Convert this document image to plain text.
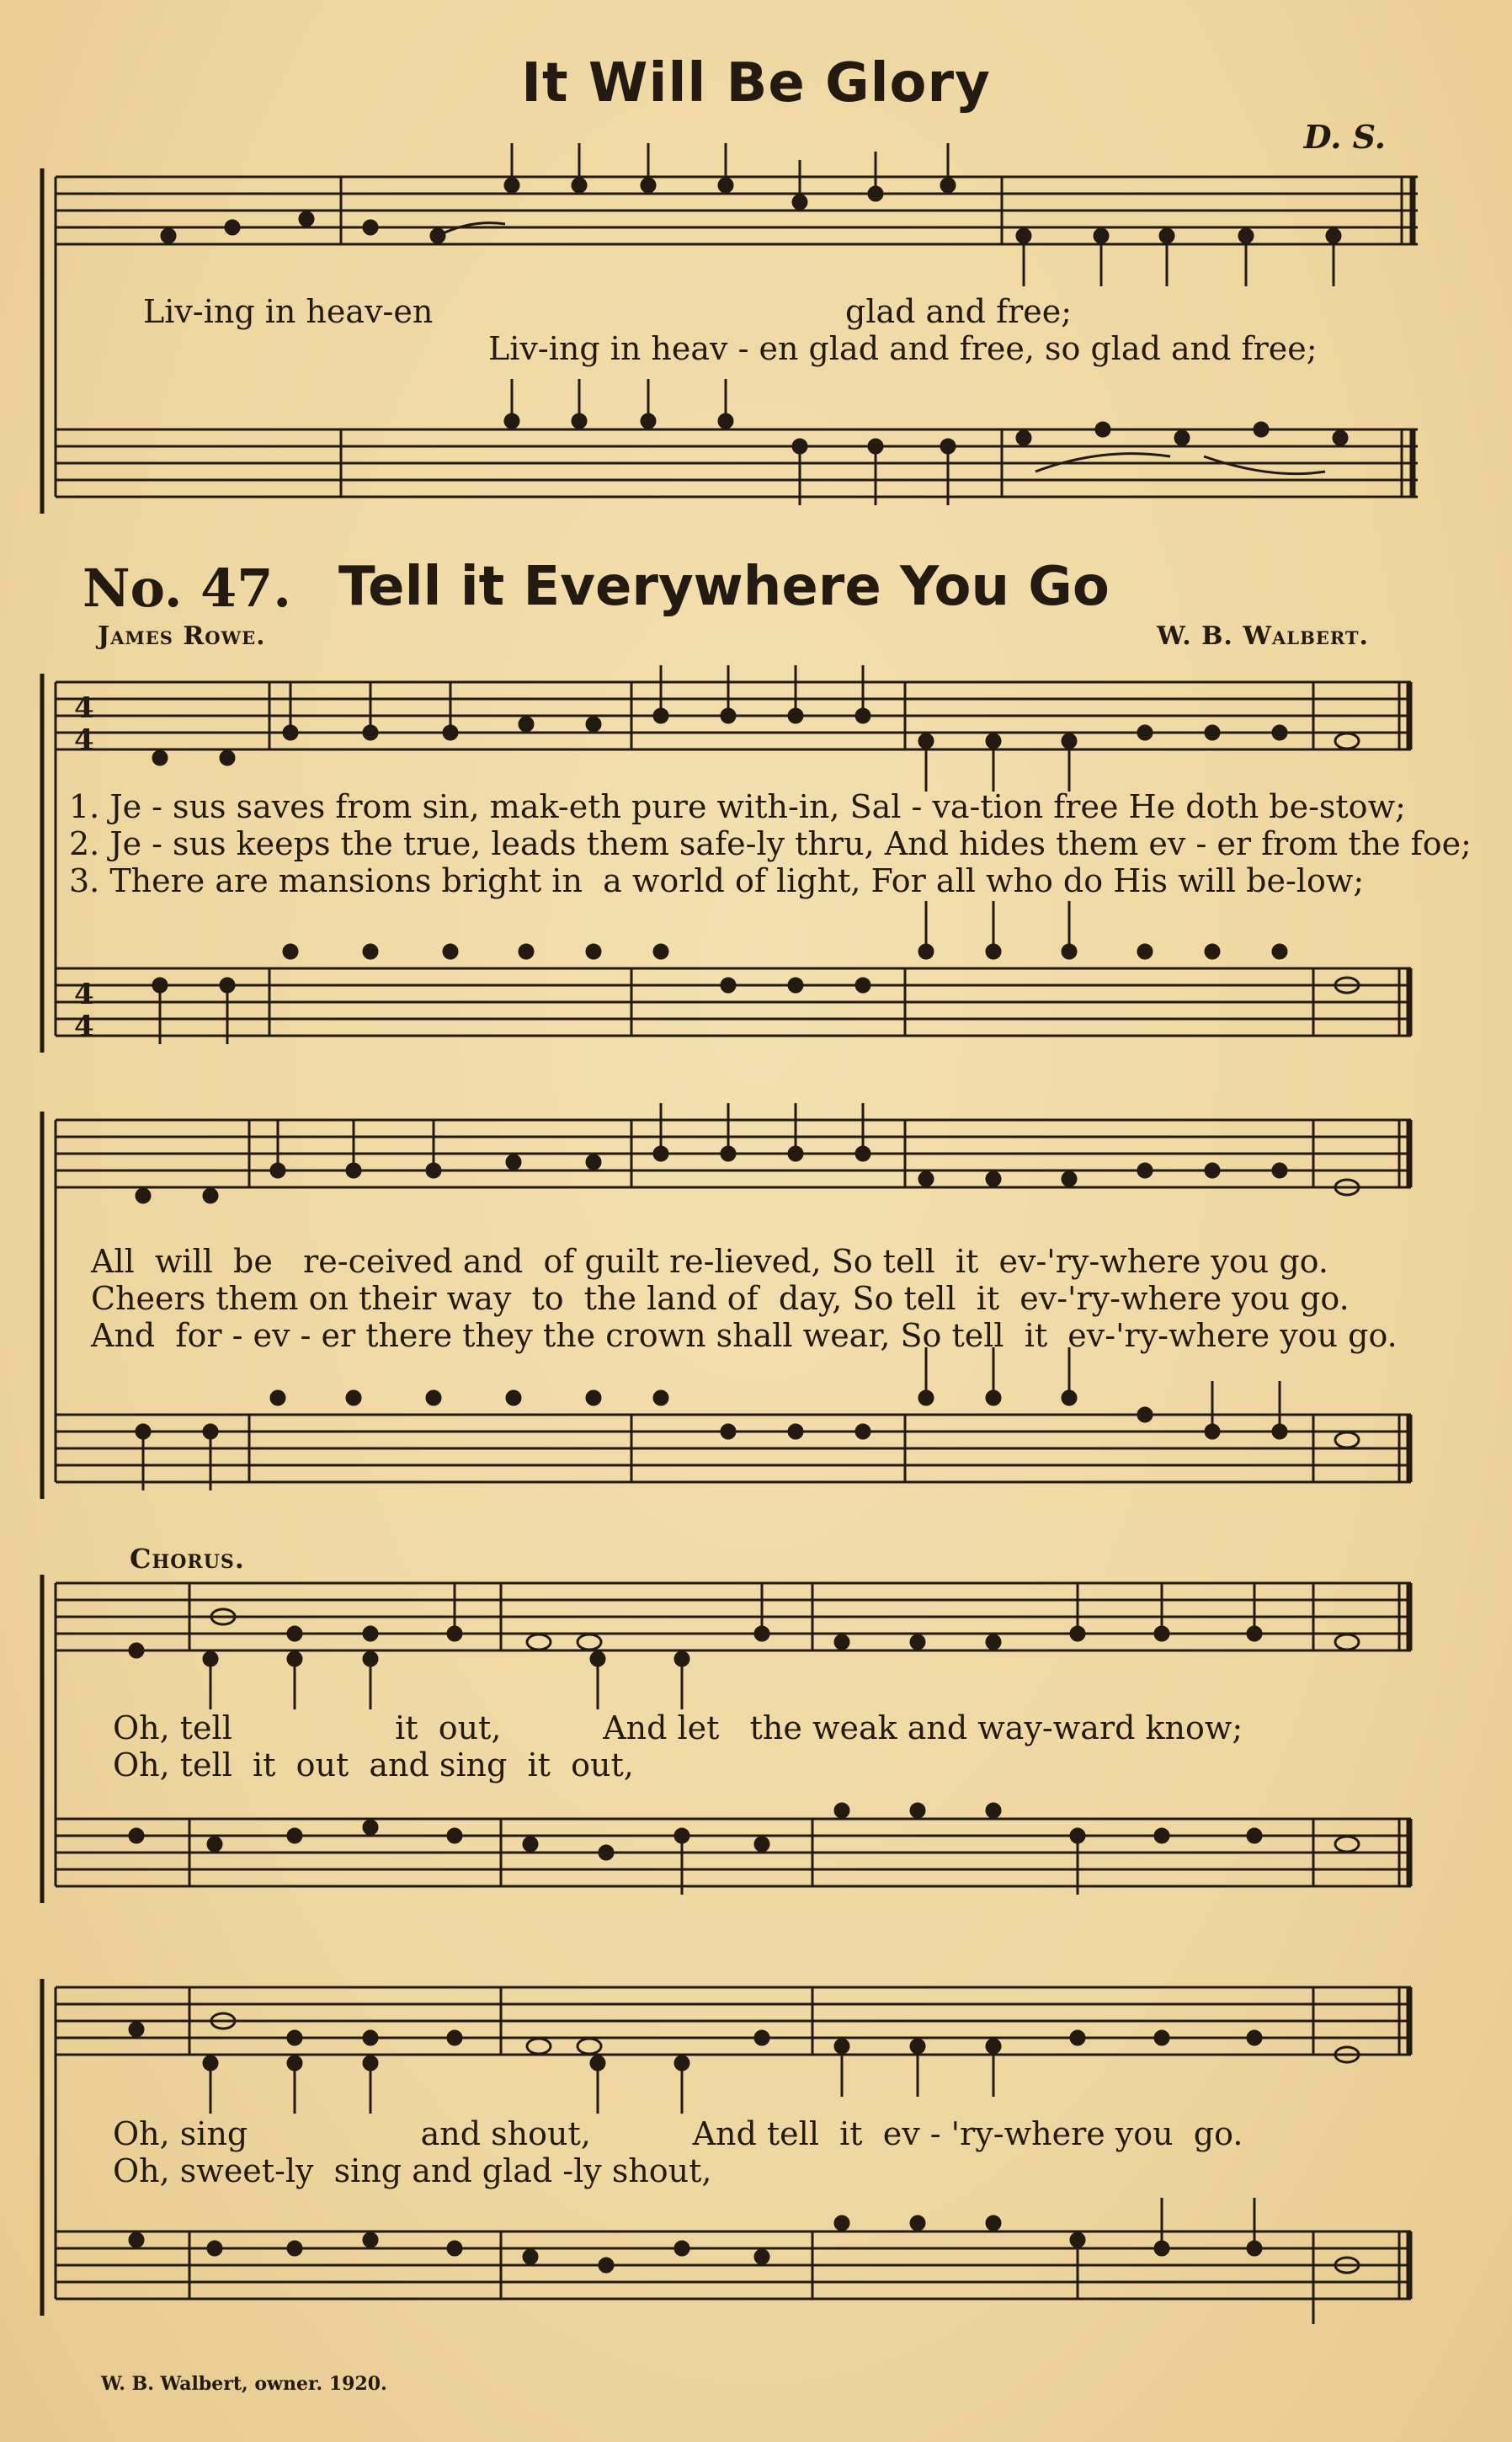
It Will Be Glory
D. S.
Liv-ing in heav-en	glad and free;
Liv-ing in heav - en glad and free, so glad and free;
No. 47. Tell it Everywhere You Go
James Rowe.	W. B. Walbert.
4
4
4
4
1. Je - sus saves from sin, mak-eth pure with-in, Sal - va-tion free He doth be-stow;
2. Je - sus keeps the true, leads them safe-ly thru, And hides them ev - er from the foe;
3. There are mansions bright in  a world of light, For all who do His will be-low;
All  will  be   re-ceived and  of guilt re-lieved, So tell  it  ev-'ry-where you go.
Cheers them on their way  to  the land of  day, So tell  it  ev-'ry-where you go.
And  for - ev - er there they the crown shall wear, So tell  it  ev-'ry-where you go.
Chorus.
Oh, tell                it  out,          And let   the weak and way-ward know;
Oh, tell  it  out  and sing  it  out,
Oh, sing                 and shout,          And tell  it  ev - 'ry-where you  go.
Oh, sweet-ly  sing and glad -ly shout,
W. B. Walbert, owner. 1920.
